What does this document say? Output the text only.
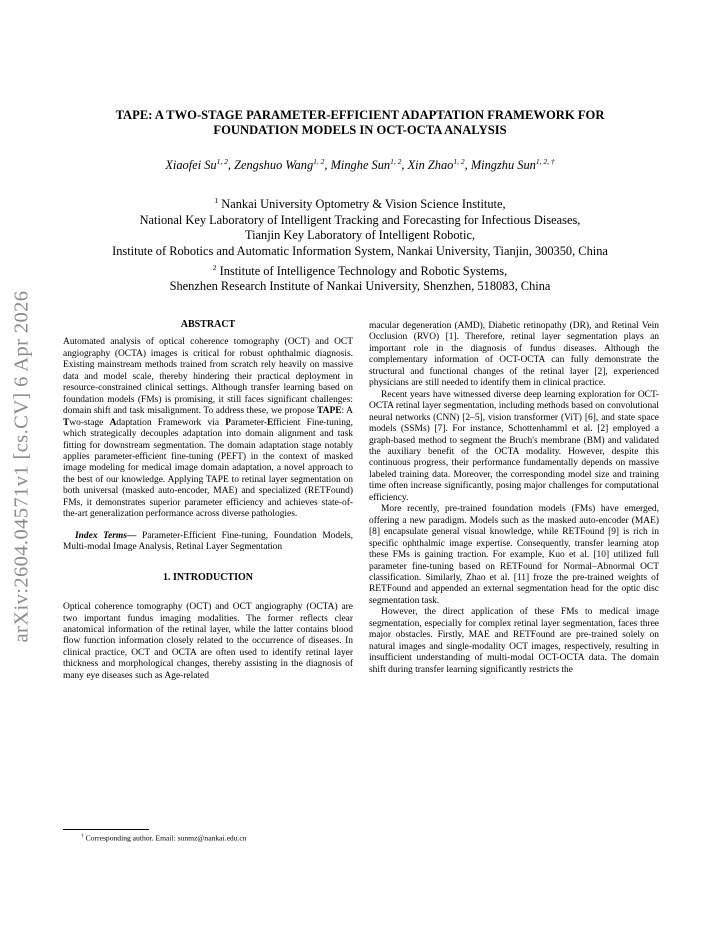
arXiv:2604.04571v1 [cs.CV] 6 Apr 2026
TAPE: A TWO-STAGE PARAMETER-EFFICIENT ADAPTATION FRAMEWORK FOR
FOUNDATION MODELS IN OCT-OCTA ANALYSIS

Xiaofei Su$^{1, 2}$, Zengshuo Wang$^{1, 2}$, Minghe Sun$^{1, 2}$, Xin Zhao$^{1, 2}$, Mingzhu Sun$^{1, 2, \dagger}$

$^1$ Nankai University Optometry & Vision Science Institute,
National Key Laboratory of Intelligent Tracking and Forecasting for Infectious Diseases,
Tianjin Key Laboratory of Intelligent Robotic,
Institute of Robotics and Automatic Information System, Nankai University, Tianjin, 300350, China
$^2$ Institute of Intelligence Technology and Robotic Systems,
Shenzhen Research Institute of Nankai University, Shenzhen, 518083, China

ABSTRACT

Automated analysis of optical coherence tomography (OCT) and OCT angiography (OCTA) images is critical for robust ophthalmic diagnosis. Existing mainstream methods trained from scratch rely heavily on massive data and model scale, thereby hindering their practical deployment in resource-constrained clinical settings. Although transfer learning based on foundation models (FMs) is promising, it still faces significant challenges: domain shift and task misalignment. To address these, we propose TAPE: A Two-stage Adaptation Framework via Parameter-Efficient Fine-tuning, which strategically decouples adaptation into domain alignment and task fitting for downstream segmentation. The domain adaptation stage notably applies parameter-efficient fine-tuning (PEFT) in the context of masked image modeling for medical image domain adaptation, a novel approach to the best of our knowledge. Applying TAPE to retinal layer segmentation on both universal (masked auto-encoder, MAE) and specialized (RETFound) FMs, it demonstrates superior parameter efficiency and achieves state-of-the-art generalization performance across diverse pathologies.

Index Terms— Parameter-Efficient Fine-tuning, Foundation Models, Multi-modal Image Analysis, Retinal Layer Segmentation

1. INTRODUCTION

Optical coherence tomography (OCT) and OCT angiography (OCTA) are two important fundus imaging modalities. The former reflects clear anatomical information of the retinal layer, while the latter contains blood flow function information closely related to the occurrence of diseases. In clinical practice, OCT and OCTA are often used to identify retinal layer thickness and morphological changes, thereby assisting in the diagnosis of many eye diseases such as Age-related

† Corresponding author. Email: sunmz@nankai.edu.cn

macular degeneration (AMD), Diabetic retinopathy (DR), and Retinal Vein Occlusion (RVO) [1]. Therefore, retinal layer segmentation plays an important role in the diagnosis of fundus diseases. Although the complementary information of OCT-OCTA can fully demonstrate the structural and functional changes of the retinal layer [2], experienced physicians are still needed to identify them in clinical practice.

Recent years have witnessed diverse deep learning exploration for OCT-OCTA retinal layer segmentation, including methods based on convolutional neural networks (CNN) [2–5], vision transformer (ViT) [6], and state space models (SSMs) [7]. For instance, Schottenhamml et al. [2] employed a graph-based method to segment the Bruch's membrane (BM) and validated the auxiliary benefit of the OCTA modality. However, despite this continuous progress, their performance fundamentally depends on massive labeled training data. Moreover, the corresponding model size and training time often increase significantly, posing major challenges for computational efficiency.

More recently, pre-trained foundation models (FMs) have emerged, offering a new paradigm. Models such as the masked auto-encoder (MAE) [8] encapsulate general visual knowledge, while RETFound [9] is rich in specific ophthalmic image expertise. Consequently, transfer learning atop these FMs is gaining traction. For example, Kuo et al. [10] utilized full parameter fine-tuning based on RETFound for Normal–Abnormal OCT classification. Similarly, Zhao et al. [11] froze the pre-trained weights of RETFound and appended an external segmentation head for the optic disc segmentation task.

However, the direct application of these FMs to medical image segmentation, especially for complex retinal layer segmentation, faces three major obstacles. Firstly, MAE and RETFound are pre-trained solely on natural images and single-modality OCT images, respectively, resulting in insufficient understanding of multi-modal OCT-OCTA data. The domain shift during transfer learning significantly restricts the
